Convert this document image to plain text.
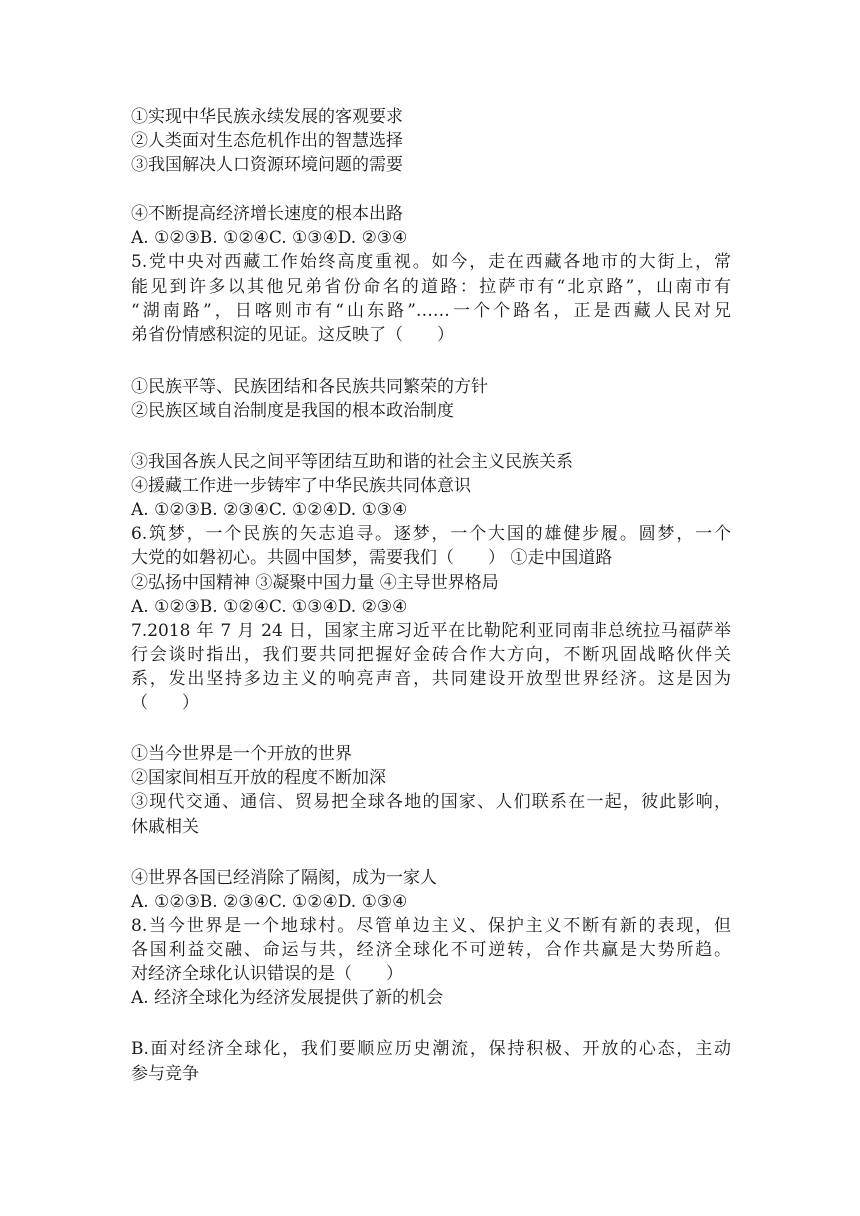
①实现中华民族永续发展的客观要求
②人类面对生态危机作出的智慧选择
③我国解决人口资源环境问题的需要
④不断提高经济增长速度的根本出路
A. ①②③B. ①②④C. ①③④D. ②③④
5.党中央对西藏工作始终高度重视。如今，走在西藏各地市的大街上，常
能见到许多以其他兄弟省份命名的道路：拉萨市有“北京路”，山南市有
“湖南路”，日喀则市有“山东路”……一个个路名，正是西藏人民对兄
弟省份情感积淀的见证。这反映了（　　）
①民族平等、民族团结和各民族共同繁荣的方针
②民族区域自治制度是我国的根本政治制度
③我国各族人民之间平等团结互助和谐的社会主义民族关系
④援藏工作进一步铸牢了中华民族共同体意识
A. ①②③B. ②③④C. ①②④D. ①③④
6.筑梦，一个民族的矢志追寻。逐梦，一个大国的雄健步履。圆梦，一个
大党的如磐初心。共圆中国梦，需要我们（　　） ①走中国道路
②弘扬中国精神 ③凝聚中国力量 ④主导世界格局
A. ①②③B. ①②④C. ①③④D. ②③④
7.2018 年 7 月 24 日，国家主席习近平在比勒陀利亚同南非总统拉马福萨举
行会谈时指出，我们要共同把握好金砖合作大方向，不断巩固战略伙伴关
系，发出坚持多边主义的响亮声音，共同建设开放型世界经济。这是因为
（　　）
①当今世界是一个开放的世界
②国家间相互开放的程度不断加深
③现代交通、通信、贸易把全球各地的国家、人们联系在一起，彼此影响，
休戚相关
④世界各国已经消除了隔阂，成为一家人
A. ①②③B. ②③④C. ①②④D. ①③④
8.当今世界是一个地球村。尽管单边主义、保护主义不断有新的表现，但
各国利益交融、命运与共，经济全球化不可逆转，合作共赢是大势所趋。
对经济全球化认识错误的是（　　）
A. 经济全球化为经济发展提供了新的机会
B.面对经济全球化，我们要顺应历史潮流，保持积极、开放的心态，主动
参与竞争
